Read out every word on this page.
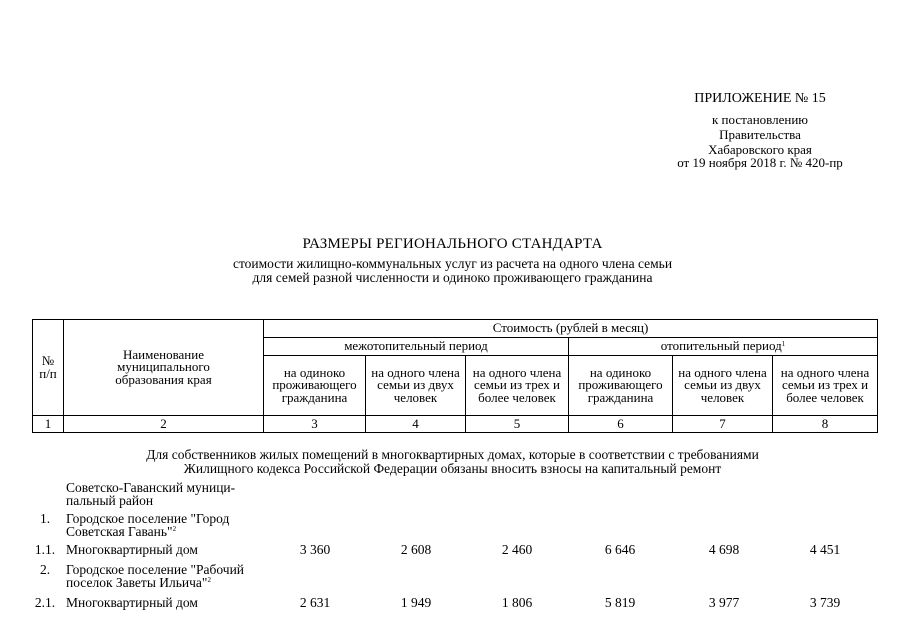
ПРИЛОЖЕНИЕ № 15
к постановлению
Правительства
Хабаровского края
от 19 ноября 2018 г. № 420-пр
РАЗМЕРЫ РЕГИОНАЛЬНОГО СТАНДАРТА
стоимости жилищно-коммунальных услуг из расчета на одного члена семьи
для семей разной численности и одиноко проживающего гражданина
№ п/п	Наименование муниципального образования края	Стоимость (рублей в месяц)					
		межотопительный период			отопительный период$^1$
		на одиноко проживающего гражданина	на одного члена семьи из двух человек	на одного члена семьи из трех и более человек	на одиноко проживающего гражданина	на одного члена семьи из двух человек	на одного члена семьи из трех и более человек
1	2	3	4	5	6	7	8
Для собственников жилых помещений в многоквартирных домах, которые в соответствии с требованиями
Жилищного кодекса Российской Федерации обязаны вносить взносы на капитальный ремонт
Советско-Гаванский муници-
пальный район
1.	Городское поселение "Город
Советская Гавань"$^2$
1.1. Многоквартирный дом	3 360	2 608	2 460	6 646	4 698	4 451
2.	Городское поселение "Рабочий
поселок Заветы Ильича"$^2$
2.1. Многоквартирный дом	2 631	1 949	1 806	5 819	3 977	3 739
